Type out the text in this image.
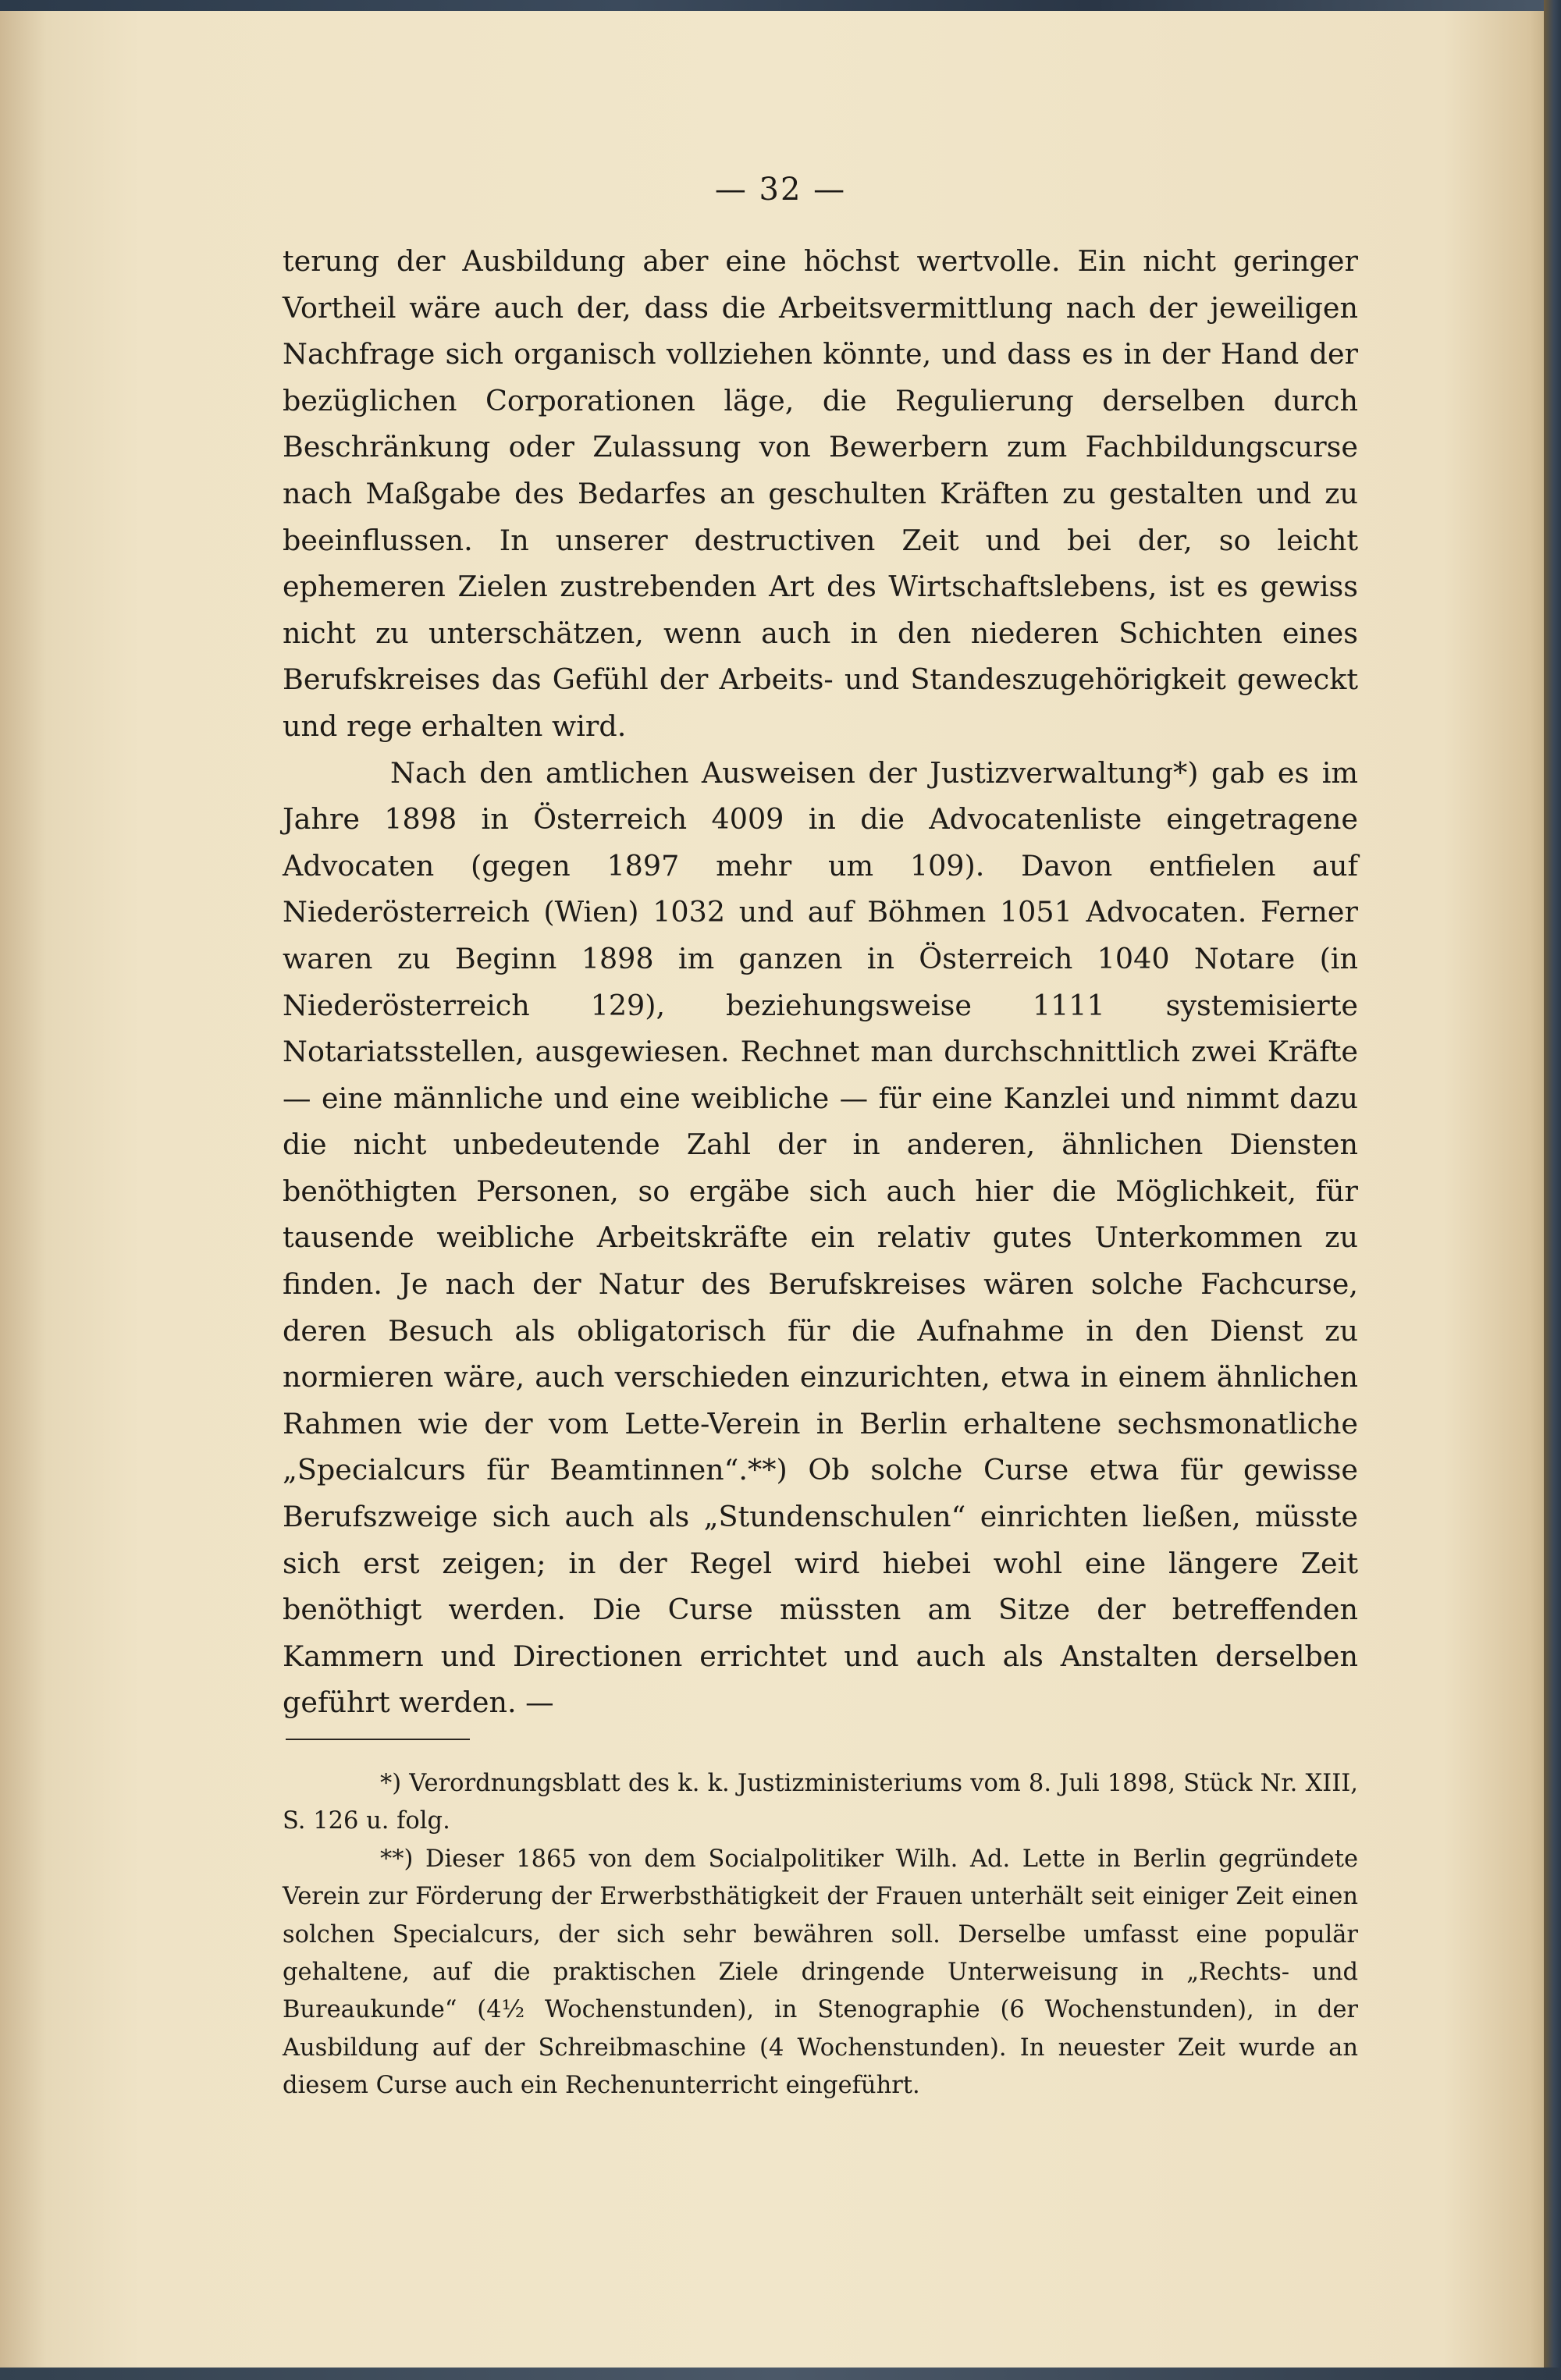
— 32 —

terung der Ausbildung aber eine höchst wertvolle. Ein nicht geringer Vortheil wäre auch der, dass die Arbeitsvermittlung nach der jeweiligen Nachfrage sich organisch vollziehen könnte, und dass es in der Hand der bezüglichen Corporationen läge, die Regulierung derselben durch Beschränkung oder Zulassung von Bewerbern zum Fachbildungscurse nach Maßgabe des Bedarfes an geschulten Kräften zu gestalten und zu beeinflussen. In unserer destructiven Zeit und bei der, so leicht ephemeren Zielen zustrebenden Art des Wirtschaftslebens, ist es gewiss nicht zu unterschätzen, wenn auch in den niederen Schichten eines Berufskreises das Gefühl der Arbeits- und Standeszugehörigkeit geweckt und rege erhalten wird.

Nach den amtlichen Ausweisen der Justizverwaltung*) gab es im Jahre 1898 in Österreich 4009 in die Advocatenliste eingetragene Advocaten (gegen 1897 mehr um 109). Davon entfielen auf Niederösterreich (Wien) 1032 und auf Böhmen 1051 Advocaten. Ferner waren zu Beginn 1898 im ganzen in Österreich 1040 Notare (in Niederösterreich 129), beziehungsweise 1111 systemisierte Notariatsstellen, ausgewiesen. Rechnet man durchschnittlich zwei Kräfte — eine männliche und eine weibliche — für eine Kanzlei und nimmt dazu die nicht unbedeutende Zahl der in anderen, ähnlichen Diensten benöthigten Personen, so ergäbe sich auch hier die Möglichkeit, für tausende weibliche Arbeitskräfte ein relativ gutes Unterkommen zu finden. Je nach der Natur des Berufskreises wären solche Fachcurse, deren Besuch als obligatorisch für die Aufnahme in den Dienst zu normieren wäre, auch verschieden einzurichten, etwa in einem ähnlichen Rahmen wie der vom Lette-Verein in Berlin erhaltene sechsmonatliche „Specialcurs für Beamtinnen“.**) Ob solche Curse etwa für gewisse Berufszweige sich auch als „Stundenschulen“ einrichten ließen, müsste sich erst zeigen; in der Regel wird hiebei wohl eine längere Zeit benöthigt werden. Die Curse müssten am Sitze der betreffenden Kammern und Directionen errichtet und auch als Anstalten derselben geführt werden. —

*) Verordnungsblatt des k. k. Justizministeriums vom 8. Juli 1898, Stück Nr. XIII, S. 126 u. folg.

**) Dieser 1865 von dem Socialpolitiker Wilh. Ad. Lette in Berlin gegründete Verein zur Förderung der Erwerbsthätigkeit der Frauen unterhält seit einiger Zeit einen solchen Specialcurs, der sich sehr bewähren soll. Derselbe umfasst eine populär gehaltene, auf die praktischen Ziele dringende Unterweisung in „Rechts- und Bureaukunde“ (4½ Wochenstunden), in Stenographie (6 Wochenstunden), in der Ausbildung auf der Schreibmaschine (4 Wochenstunden). In neuester Zeit wurde an diesem Curse auch ein Rechenunterricht eingeführt.
